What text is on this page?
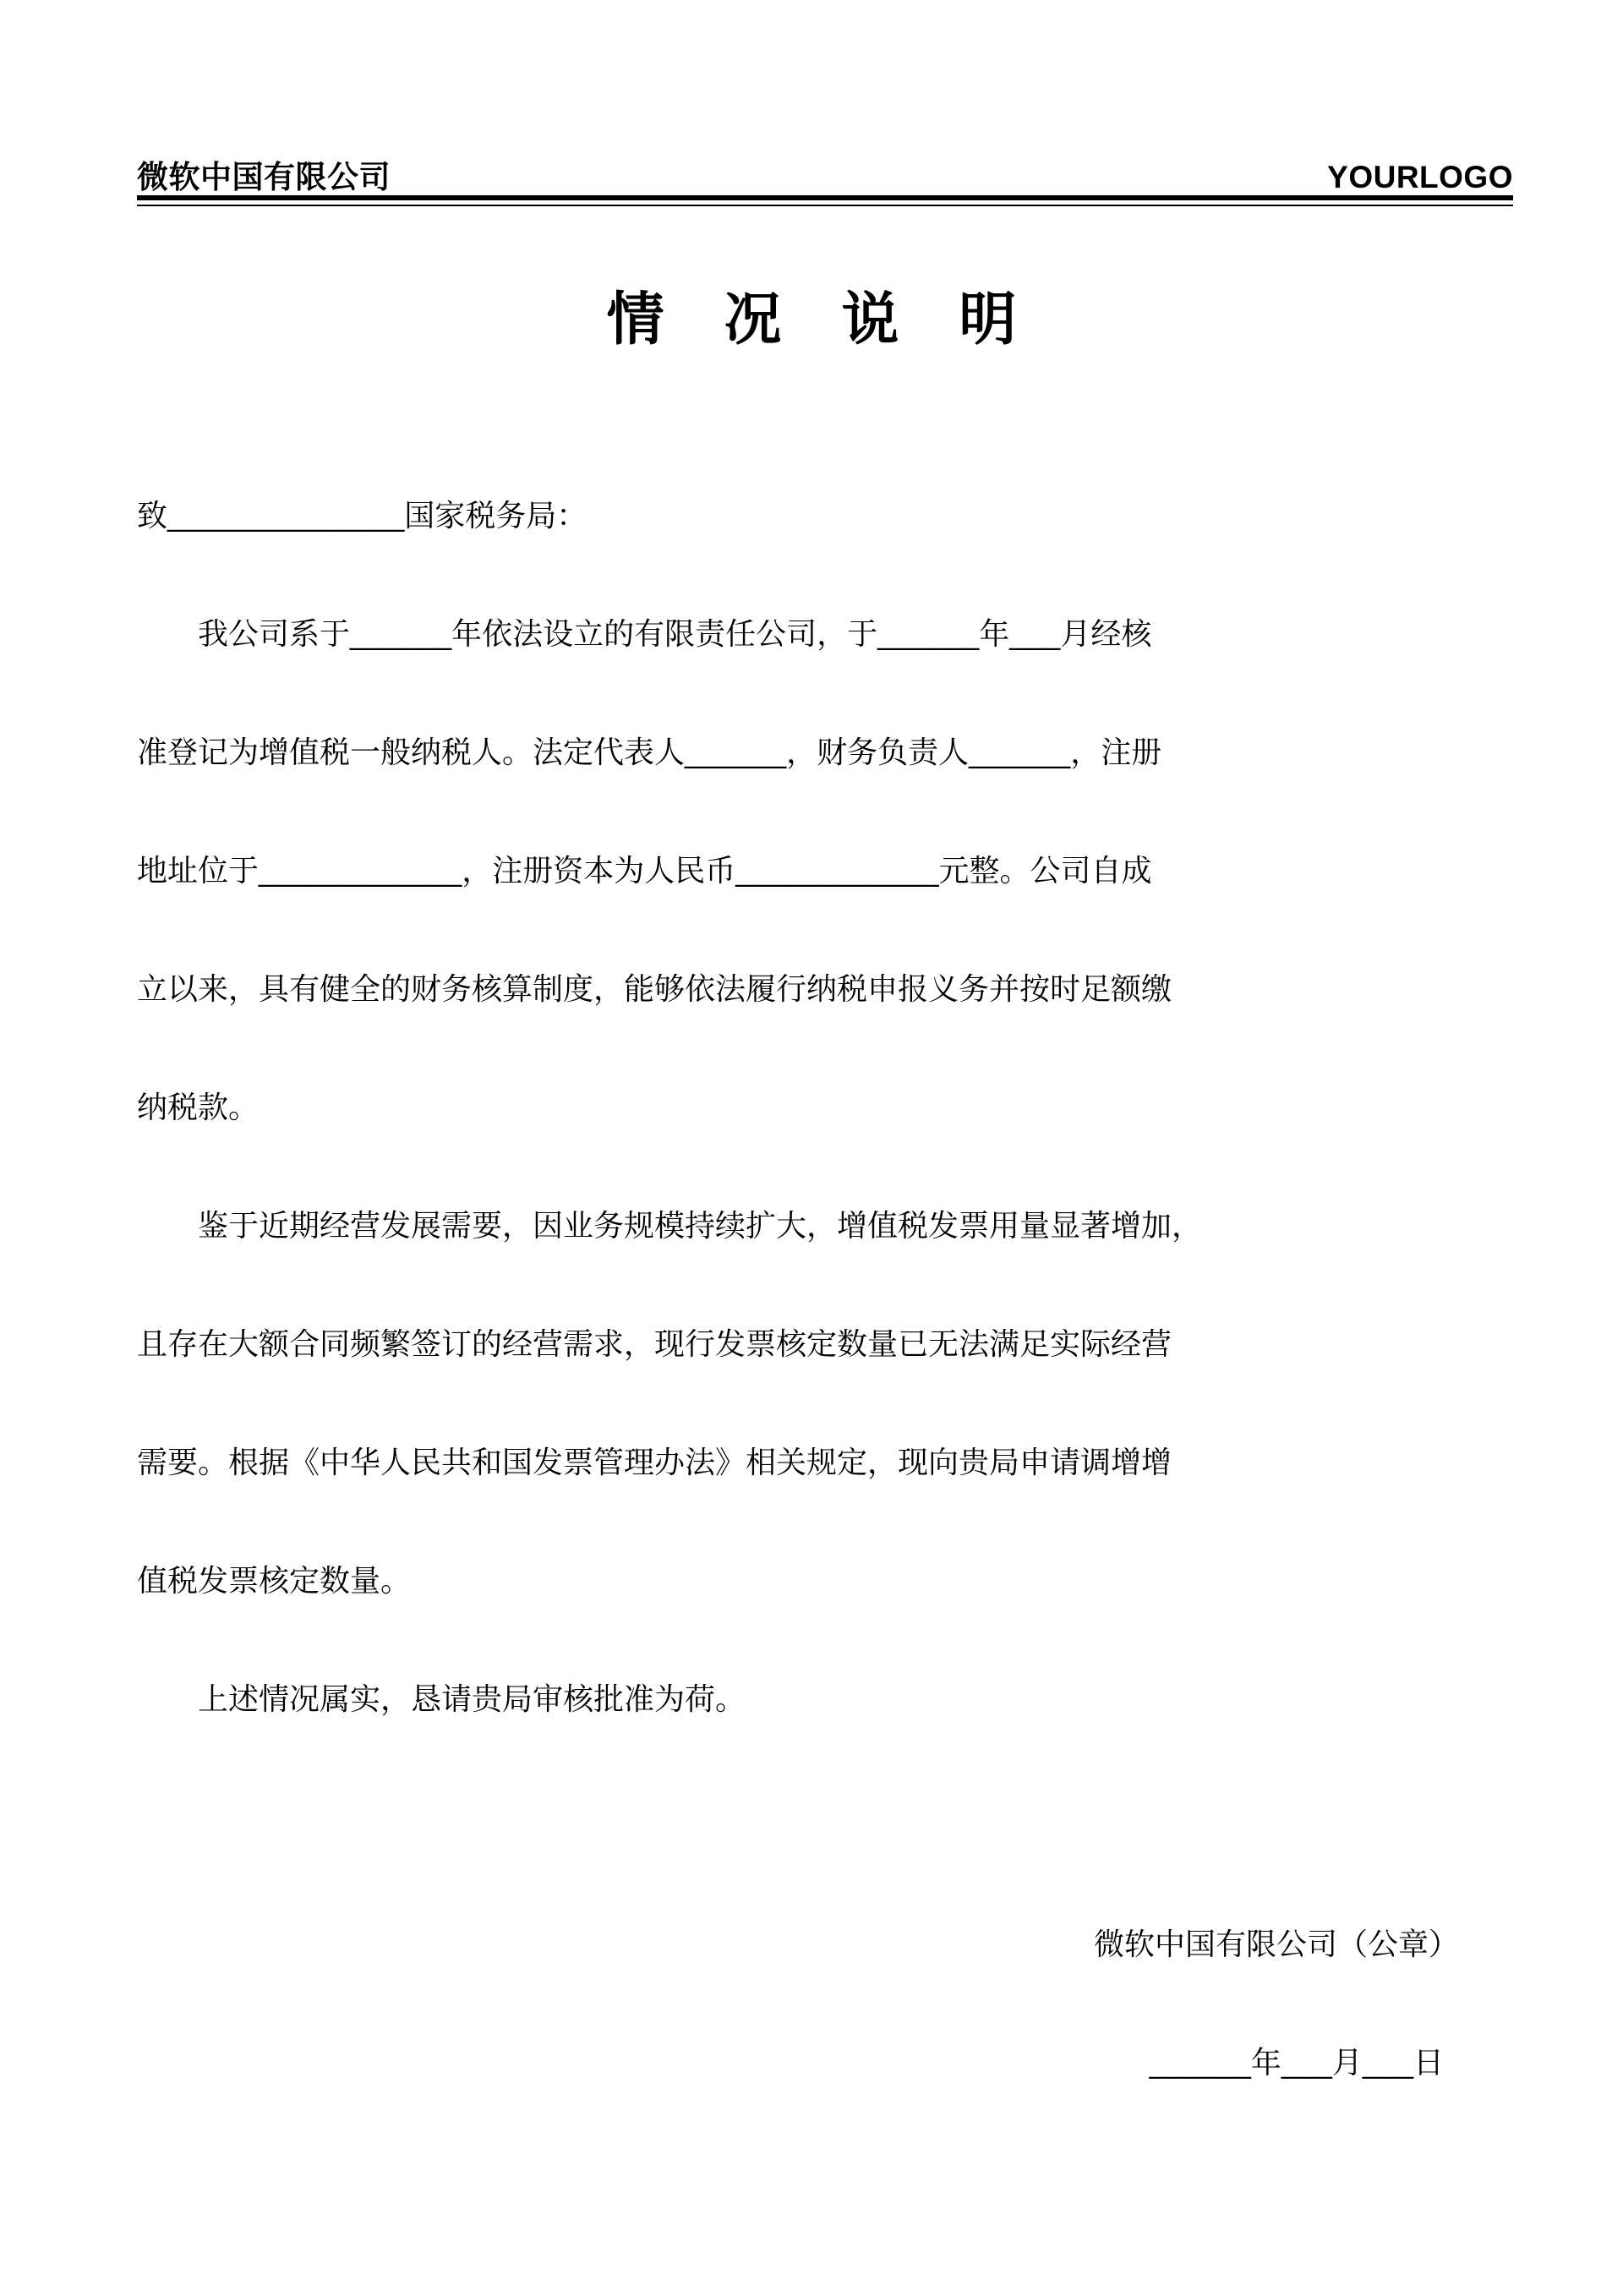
微软中国有限公司	YOURLOGO
情 况 说 明
致______________国家税务局：
我公司系于______年依法设立的有限责任公司，于______年___月经核
准登记为增值税一般纳税人。法定代表人______，财务负责人______，注册
地址位于____________，注册资本为人民币____________元整。公司自成
立以来，具有健全的财务核算制度，能够依法履行纳税申报义务并按时足额缴
纳税款。
鉴于近期经营发展需要，因业务规模持续扩大，增值税发票用量显著增加，
且存在大额合同频繁签订的经营需求，现行发票核定数量已无法满足实际经营
需要。根据《中华人民共和国发票管理办法》相关规定，现向贵局申请调增增
值税发票核定数量。
上述情况属实，恳请贵局审核批准为荷。
微软中国有限公司（公章）
______年___月___日
